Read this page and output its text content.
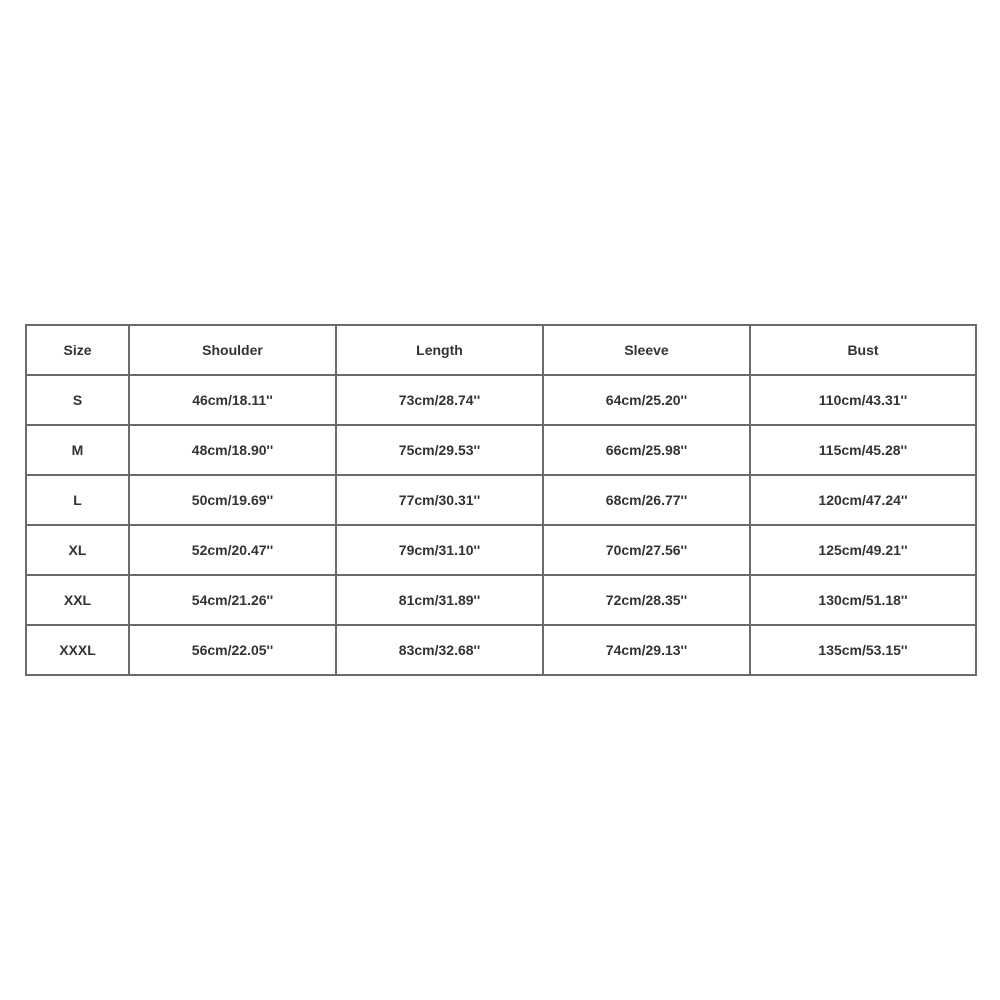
Size	Shoulder	Length	Sleeve	Bust
S	46cm/18.11''	73cm/28.74''	64cm/25.20''	110cm/43.31''
M	48cm/18.90''	75cm/29.53''	66cm/25.98''	115cm/45.28''
L	50cm/19.69''	77cm/30.31''	68cm/26.77''	120cm/47.24''
XL	52cm/20.47''	79cm/31.10''	70cm/27.56''	125cm/49.21''
XXL	54cm/21.26''	81cm/31.89''	72cm/28.35''	130cm/51.18''
XXXL	56cm/22.05''	83cm/32.68''	74cm/29.13''	135cm/53.15''
